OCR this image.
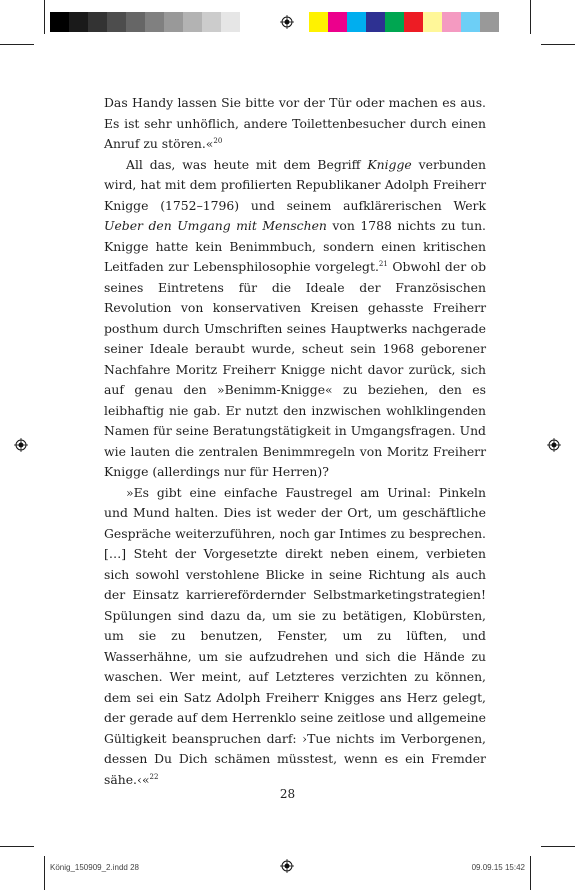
Das Handy lassen Sie bitte vor der Tür oder machen es aus. Es ist sehr unhöflich, andere Toilettenbesucher durch einen Anruf zu stören.«$^{20}$

All das, was heute mit dem Begriff Knigge verbunden wird, hat mit dem profilierten Republikaner Adolph Freiherr Knigge (1752–1796) und seinem aufklärerischen Werk Ueber den Umgang mit Menschen von 1788 nichts zu tun. Knigge hatte kein Benimmbuch, sondern einen kritischen Leitfaden zur Lebensphilosophie vorgelegt.$^{21}$ Obwohl der ob seines Eintretens für die Ideale der Französischen Revolution von konservativen Kreisen gehasste Freiherr posthum durch Umschriften seines Hauptwerks nachgerade seiner Ideale beraubt wurde, scheut sein 1968 geborener Nachfahre Moritz Freiherr Knigge nicht davor zurück, sich auf genau den »Benimm-Knigge« zu beziehen, den es leibhaftig nie gab. Er nutzt den inzwischen wohlklingenden Namen für seine Beratungstätigkeit in Umgangsfragen. Und wie lauten die zentralen Benimmregeln von Moritz Freiherr Knigge (allerdings nur für Herren)?

»Es gibt eine einfache Faustregel am Urinal: Pinkeln und Mund halten. Dies ist weder der Ort, um geschäftliche Gespräche weiterzuführen, noch gar Intimes zu besprechen. […] Steht der Vorgesetzte direkt neben einem, verbieten sich sowohl verstohlene Blicke in seine Richtung als auch der Einsatz karrierefördernder Selbstmarketingstrategien! Spülungen sind dazu da, um sie zu betätigen, Klobürsten, um sie zu benutzen, Fenster, um zu lüften, und Wasserhähne, um sie aufzudrehen und sich die Hände zu waschen. Wer meint, auf Letzteres verzichten zu können, dem sei ein Satz Adolph Freiherr Knigges ans Herz gelegt, der gerade auf dem Herrenklo seine zeitlose und allgemeine Gültigkeit beanspruchen darf: ›Tue nichts im Verborgenen, dessen Du Dich schämen müsstest, wenn es ein Fremder sähe.‹«$^{22}$

28
König_150909_2.indd 28	09.09.15 15:42
